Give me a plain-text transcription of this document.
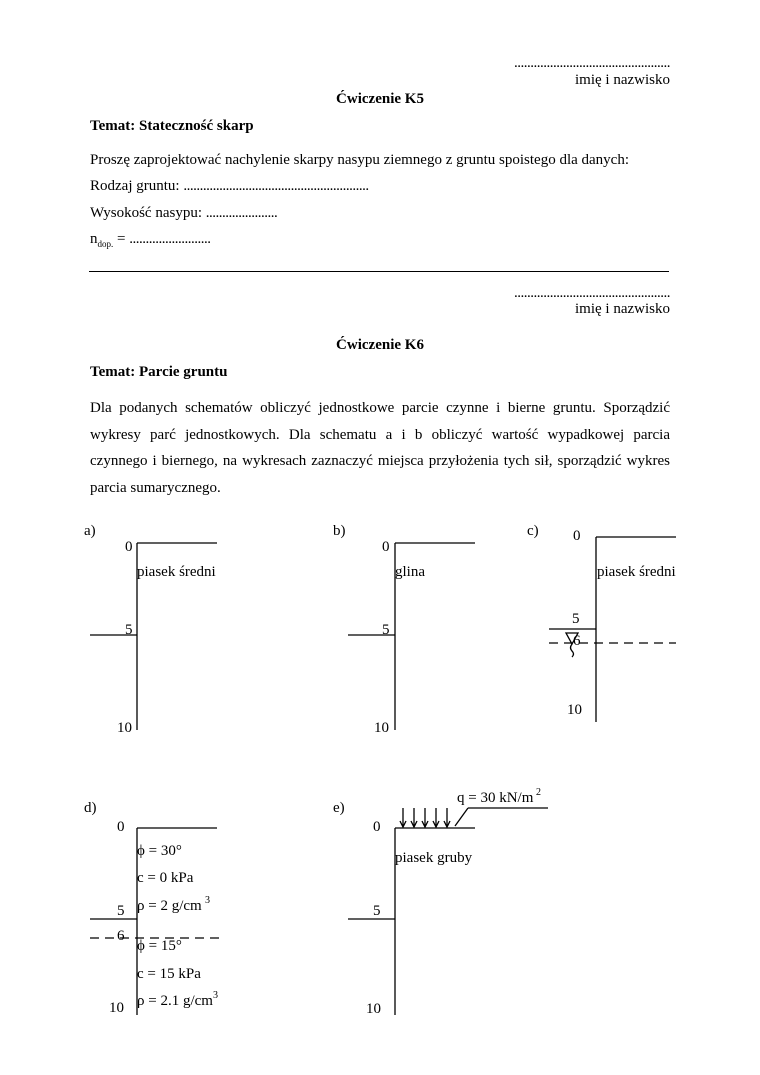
................................................
imię i nazwisko
Ćwiczenie K5
Temat: Stateczność skarp
Proszę zaprojektować nachylenie skarpy nasypu ziemnego z gruntu spoistego dla danych:
Rodzaj gruntu: .........................................................
Wysokość nasypu: ......................
$n_{dop.}$ = .........................
................................................
imię i nazwisko
Ćwiczenie K6
Temat: Parcie gruntu
Dla podanych schematów obliczyć jednostkowe parcie czynne i bierne gruntu. Sporządzić
wykresy parć jednostkowych. Dla schematu a i b obliczyć wartość wypadkowej parcia
czynnego i biernego, na wykresach zaznaczyć miejsca przyłożenia tych sił, sporządzić wykres
parcia sumarycznego.
a)
0
5
10
piasek średni
b)
0
5
10
glina
c) 0
5
6
10
piasek średni
d)
0
5
6
10
ϕ = 30°
c = 0 kPa
ρ = 2 g/cm 3
ϕ = 15°
c = 15 kPa
ρ = 2.1 g/cm 3
e)
0
5
10
piasek gruby
q = 30 kN/m 2
